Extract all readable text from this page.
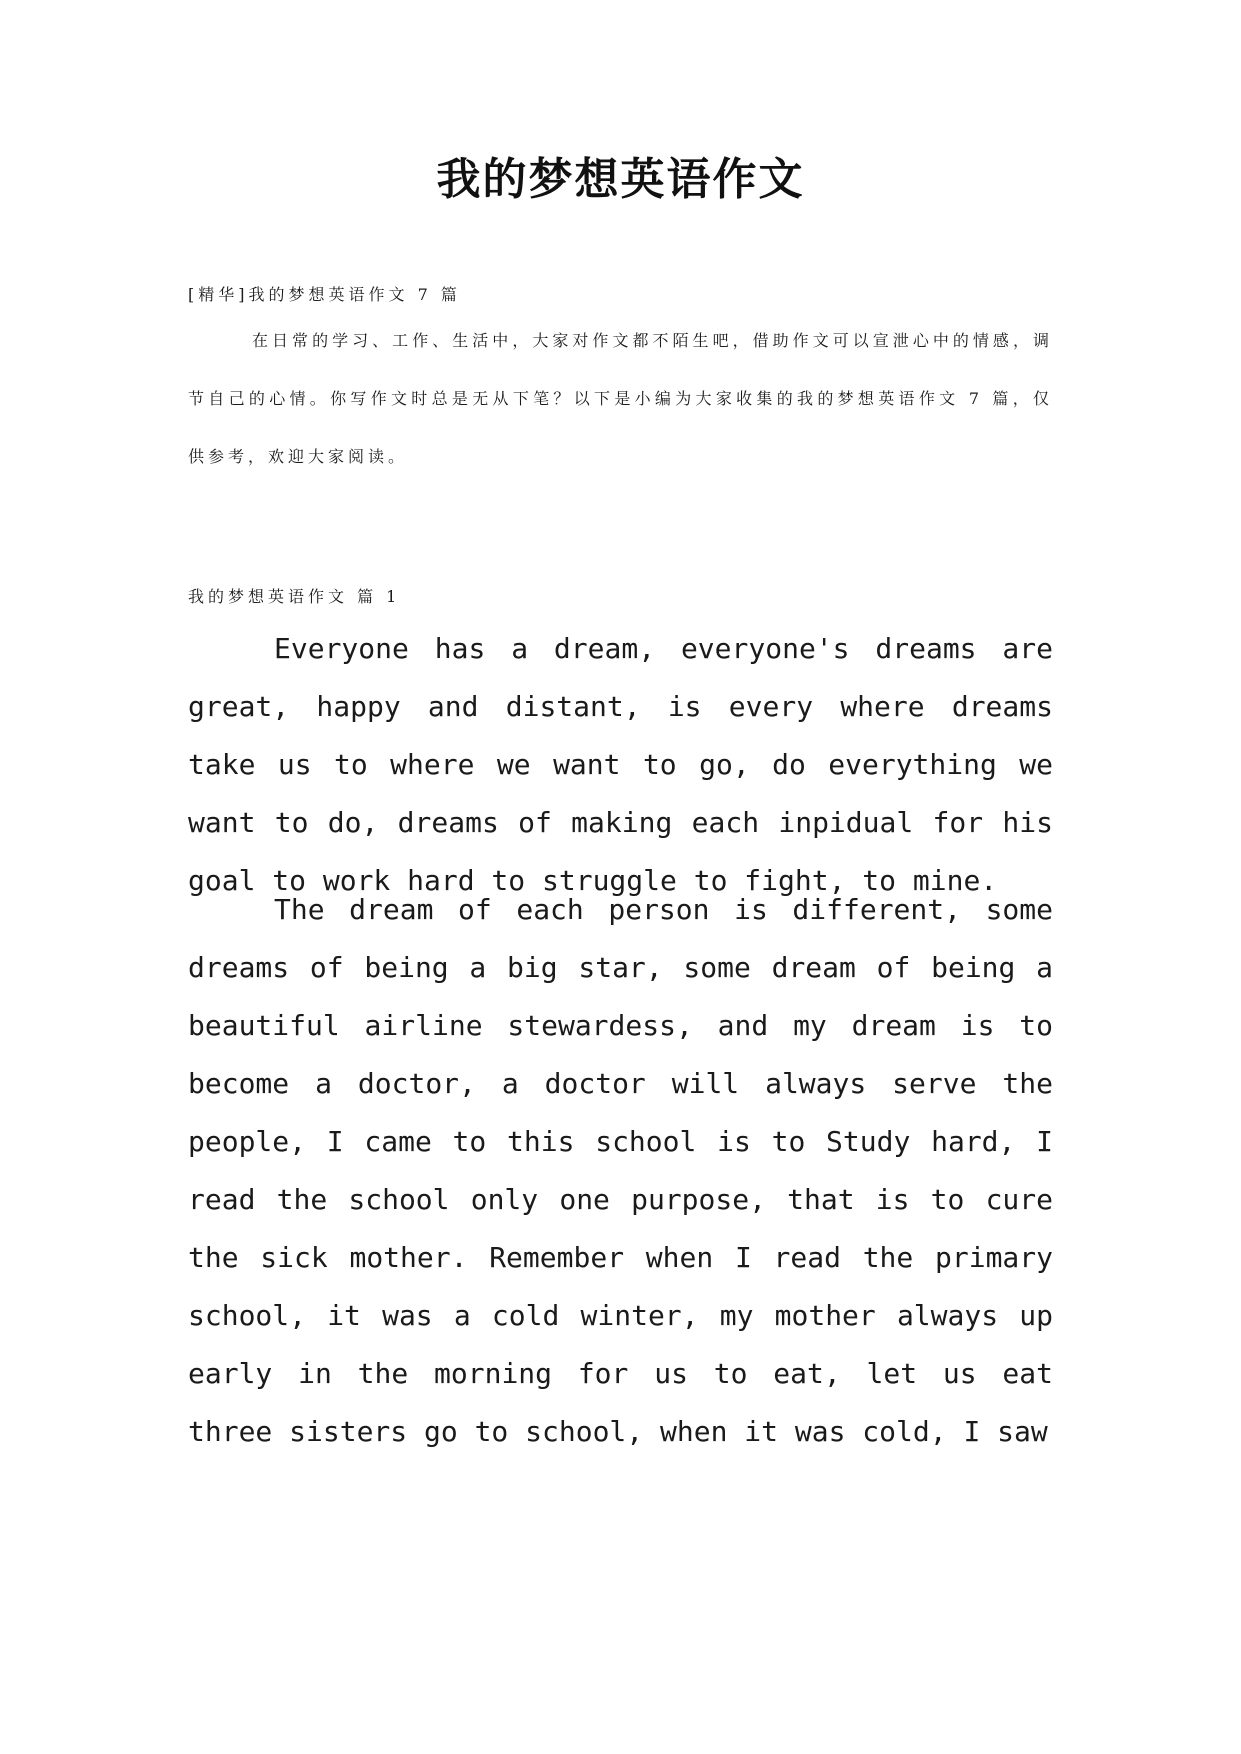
我的梦想英语作文

[精华]我的梦想英语作文 7 篇

在日常的学习、工作、生活中，大家对作文都不陌生吧，借助作文可以宣泄心中的情感，调节自己的心情。你写作文时总是无从下笔？以下是小编为大家收集的我的梦想英语作文 7 篇，仅供参考，欢迎大家阅读。

我的梦想英语作文 篇 1

Everyone has a dream, everyone's dreams are great, happy and distant, is every where dreams take us to where we want to go, do everything we want to do, dreams of making each inpidual for his goal to work hard to struggle to fight, to mine.

The dream of each person is different, some dreams of being a big star, some dream of being a beautiful airline stewardess, and my dream is to become a doctor, a doctor will always serve the people, I came to this school is to Study hard, I read the school only one purpose, that is to cure the sick mother. Remember when I read the primary school, it was a cold winter, my mother always up early in the morning for us to eat, let us eat three sisters go to school, when it was cold, I saw
